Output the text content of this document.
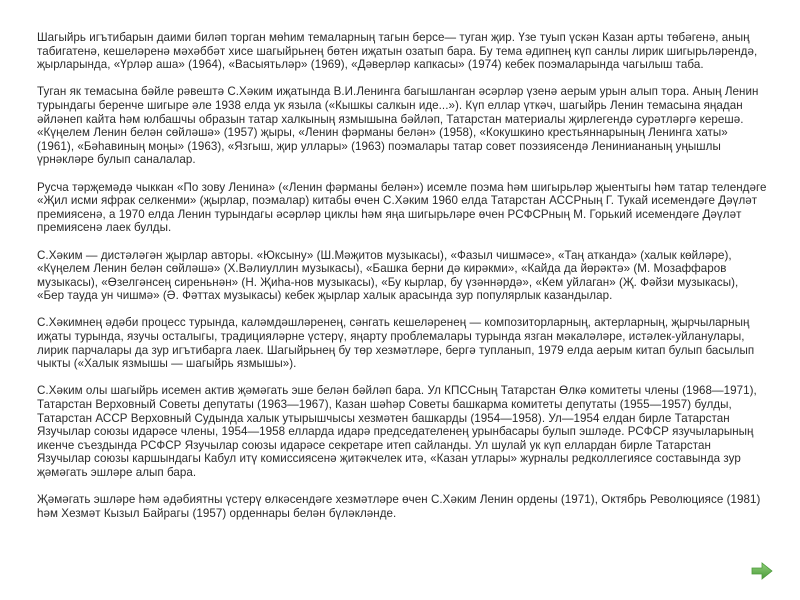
Шагыйрь игътибарын даими биләп торган мөһим темаларның тагын берсе— туган җир. Үзе туып үскән Казан арты төбәгенә, аның табигатенә, кешеләренә мәхәббәт хисе шагыйрьнең бөтен иҗатын озатып бара. Бу тема әдипнең күп санлы лирик шигырьләрендә, җырларында, «Үрләр аша» (1964), «Васыятьләр» (1969), «Дәверләр капкасы» (1974) кебек поэмаларында чагылыш таба.

Туган як темасына бәйле рәвештә С.Хәким иҗатында В.И.Ленинга багышланган әсәрләр үзенә аерым урын алып тора. Аның Ленин турындагы беренче шигыре әле 1938 елда ук языла («Кышкы салкын иде...»). Күп еллар үткәч, шагыйрь Ленин темасына яңадан әйләнеп кайта һәм юлбашчы образын татар халкының язмышына бәйләп, Татарстан материалы җирлегендә сурәтләргә керешә. «Күңелем Ленин белән сөйләшә» (1957) җыры, «Ленин фәрманы белән» (1958), «Кокушкино крестьяннарының Ленинга хаты» (1961), «Бәһавиның моңы» (1963), «Язгыш, җир уллары» (1963) поэмалары татар совет поэзиясендә Лениниананың уңышлы үрнәкләре булып саналалар.

Русча тәрҗемәдә чыккан «По зову Ленина» («Ленин фәрманы белән») исемле поэма һәм шигырьләр җыентыгы һәм татар телендәге «Җил исми яфрак селкенми» (җырлар, поэмалар) китабы өчен С.Хәким 1960 елда Татарстан АССРның Г. Тукай исемендәге Дәүләт премиясенә, а 1970 елда Ленин турындагы әсәрләр циклы һәм яңа шигырьләре өчен РСФСРның М. Горький исемендәге Дәүләт премиясенә лаек булды.

С.Хәким — дистәләгән җырлар авторы. «Юксыну» (Ш.Мәҗитов музыкасы), «Фазыл чишмәсе», «Таң атканда» (халык көйләре), «Күңелем Ленин белән сөйләшә» (Х.Вәлиуллин музыкасы), «Башка берни дә кирәкми», «Кайда да йөрәктә» (М. Мозаффаров музыкасы), «Өзелгәнсең сиреньнән» (Н. Җиһа-нов музыкасы), «Бу кырлар, бу үзәннәрдә», «Кем уйлаган» (Җ. Фәйзи музыкасы), «Бер тауда ун чишмә» (Ә. Фәттах музыкасы) кебек җырлар халык арасында зур популярлык казандылар.

С.Хәкимнең әдәби процесс турында, каләмдәшләренең, сәнгать кешеләренең — композиторларның, актерларның, җырчыларның иҗаты турында, язучы осталыгы, традицияләрне үстерү, яңарту проблемалары турында язган мәкаләләре, истәлек-уйланулары, лирик парчалары да зур игътибарга лаек. Шагыйрьнең бу төр хезмәтләре, бергә тупланып, 1979 елда аерым китап булып басылып чыкты («Халык язмышы — шагыйрь язмышы»).

С.Хәким олы шагыйрь исемен актив җәмәгать эше белән бәйләп бара. Ул КПССның Татарстан Өлкә комитеты члены (1968—1971), Татарстан Верховный Советы депутаты (1963—1967), Казан шәһәр Советы башкарма комитеты депутаты (1955—1957) булды, Татарстан АССР Верховный Судында халык утырышчысы хезмәтен башкарды (1954—1958). Ул—1954 елдан бирле Татарстан Язучылар союзы идарәсе члены, 1954—1958 елларда идарә председателенең урынбасары булып эшләде. РСФСР язучыларының икенче съездында РСФСР Язучылар союзы идарәсе секретаре итеп сайланды. Ул шулай ук күп еллардан бирле Татарстан Язучылар союзы каршындагы Кабул итү комиссиясенә җитәкчелек итә, «Казан утлары» журналы редколлегиясе составында зур җәмәгать эшләре алып бара.

Җәмәгать эшләре һәм әдәбиятны үстерү өлкәсендәге хезмәтләре өчен С.Хәким Ленин ордены (1971), Октябрь Революциясе (1981) һәм Хезмәт Кызыл Байрагы (1957) орденнары белән бүләкләнде.
